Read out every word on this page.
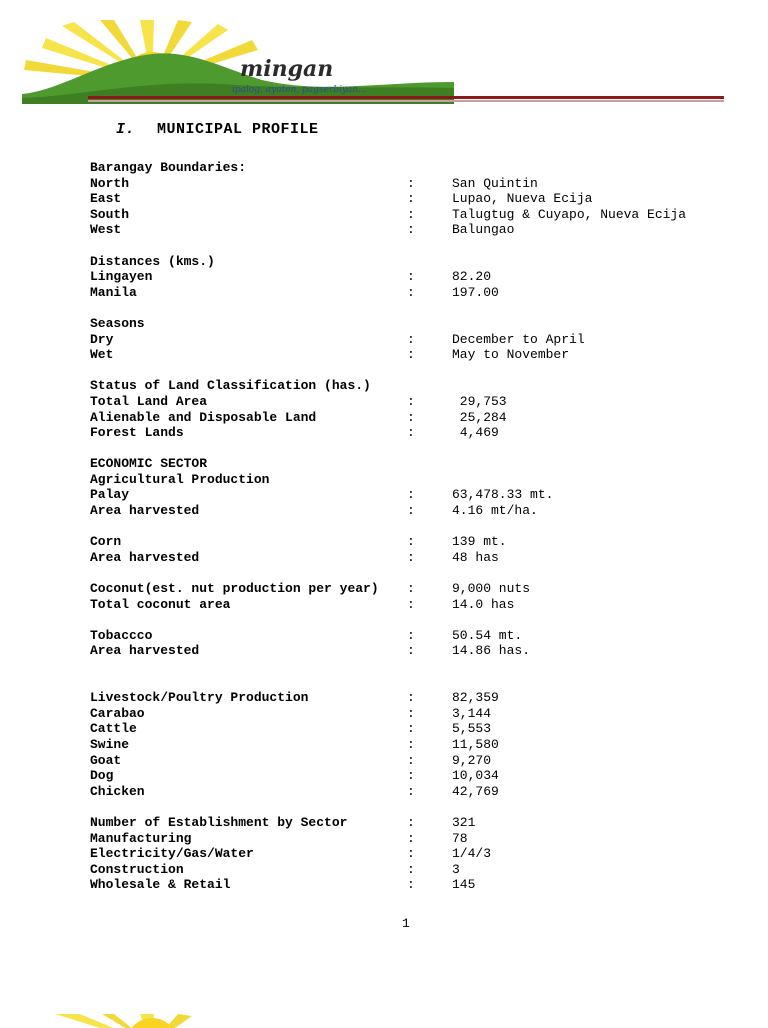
mingan
ipalog, ayaten, pagserbiyan...
I. MUNICIPAL PROFILE
Barangay Boundaries:
North	:	San Quintin
East	:	Lupao, Nueva Ecija
South	:	Talugtug & Cuyapo, Nueva Ecija
West	:	Balungao
Distances (kms.)
Lingayen	:	82.20
Manila	:	197.00
Seasons
Dry	:	December to April
Wet	:	May to November
Status of Land Classification (has.)
Total Land Area	:	29,753
Alienable and Disposable Land	:	25,284
Forest Lands	:	4,469
ECONOMIC SECTOR
Agricultural Production
Palay	:	63,478.33 mt.
Area harvested	:	4.16 mt/ha.
Corn	:	139 mt.
Area harvested	:	48 has
Coconut(est. nut production per year) :	9,000 nuts
Total coconut area	:	14.0 has
Tobaccco	:	50.54 mt.
Area harvested	:	14.86 has.
Livestock/Poultry Production	:	82,359
Carabao	:	3,144
Cattle	:	5,553
Swine	:	11,580
Goat	:	9,270
Dog	:	10,034
Chicken	:	42,769
Number of Establishment by Sector	:	321
Manufacturing	:	78
Electricity/Gas/Water	:	1/4/3
Construction	:	3
Wholesale & Retail	:	145
1
